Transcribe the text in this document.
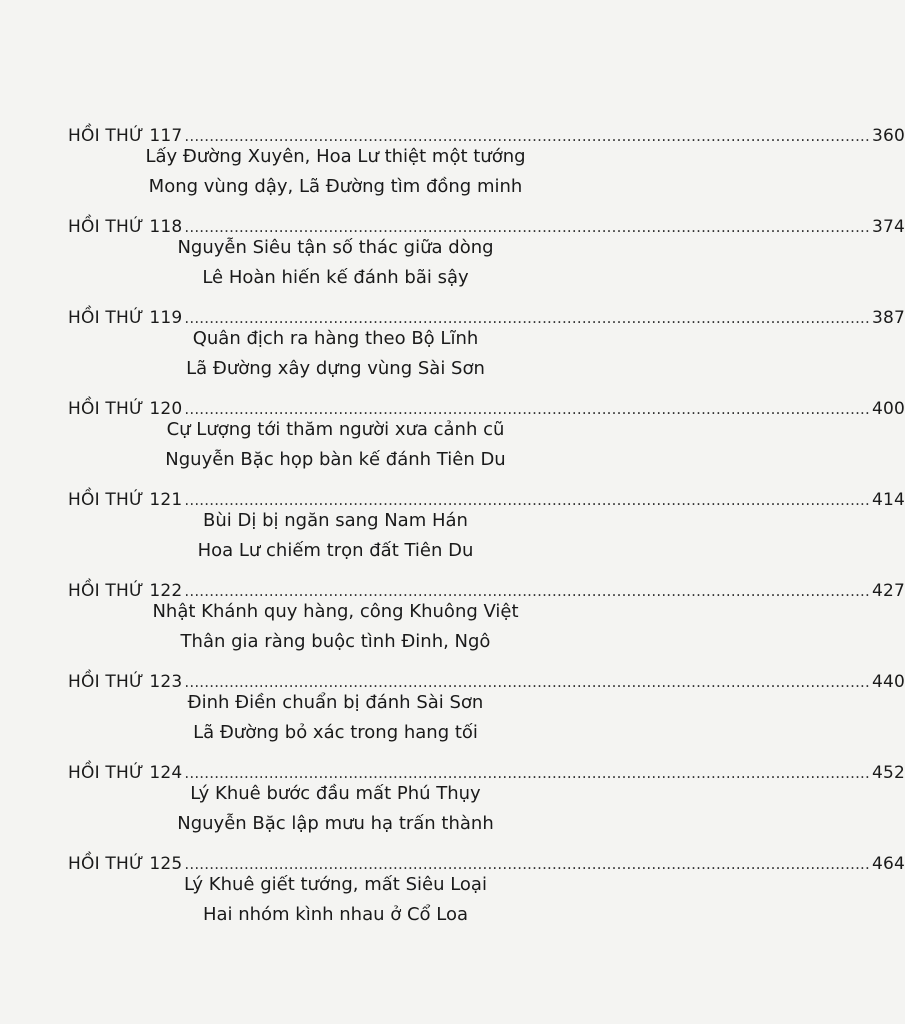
HỒI THỨ 117 .......................................................................................................................................... 360
Lấy Đường Xuyên, Hoa Lư thiệt một tướng
Mong vùng dậy, Lã Đường tìm đồng minh
HỒI THỨ 118 .......................................................................................................................................... 374
Nguyễn Siêu tận số thác giữa dòng
Lê Hoàn hiến kế đánh bãi sậy
HỒI THỨ 119 .......................................................................................................................................... 387
Quân địch ra hàng theo Bộ Lĩnh
Lã Đường xây dựng vùng Sài Sơn
HỒI THỨ 120 .......................................................................................................................................... 400
Cự Lượng tới thăm người xưa cảnh cũ
Nguyễn Bặc họp bàn kế đánh Tiên Du
HỒI THỨ 121 .......................................................................................................................................... 414
Bùi Dị bị ngăn sang Nam Hán
Hoa Lư chiếm trọn đất Tiên Du
HỒI THỨ 122 .......................................................................................................................................... 427
Nhật Khánh quy hàng, công Khuông Việt
Thân gia ràng buộc tình Đinh, Ngô
HỒI THỨ 123 .......................................................................................................................................... 440
Đinh Điền chuẩn bị đánh Sài Sơn
Lã Đường bỏ xác trong hang tối
HỒI THỨ 124 .......................................................................................................................................... 452
Lý Khuê bước đầu mất Phú Thụy
Nguyễn Bặc lập mưu hạ trấn thành
HỒI THỨ 125 .......................................................................................................................................... 464
Lý Khuê giết tướng, mất Siêu Loại
Hai nhóm kình nhau ở Cổ Loa
